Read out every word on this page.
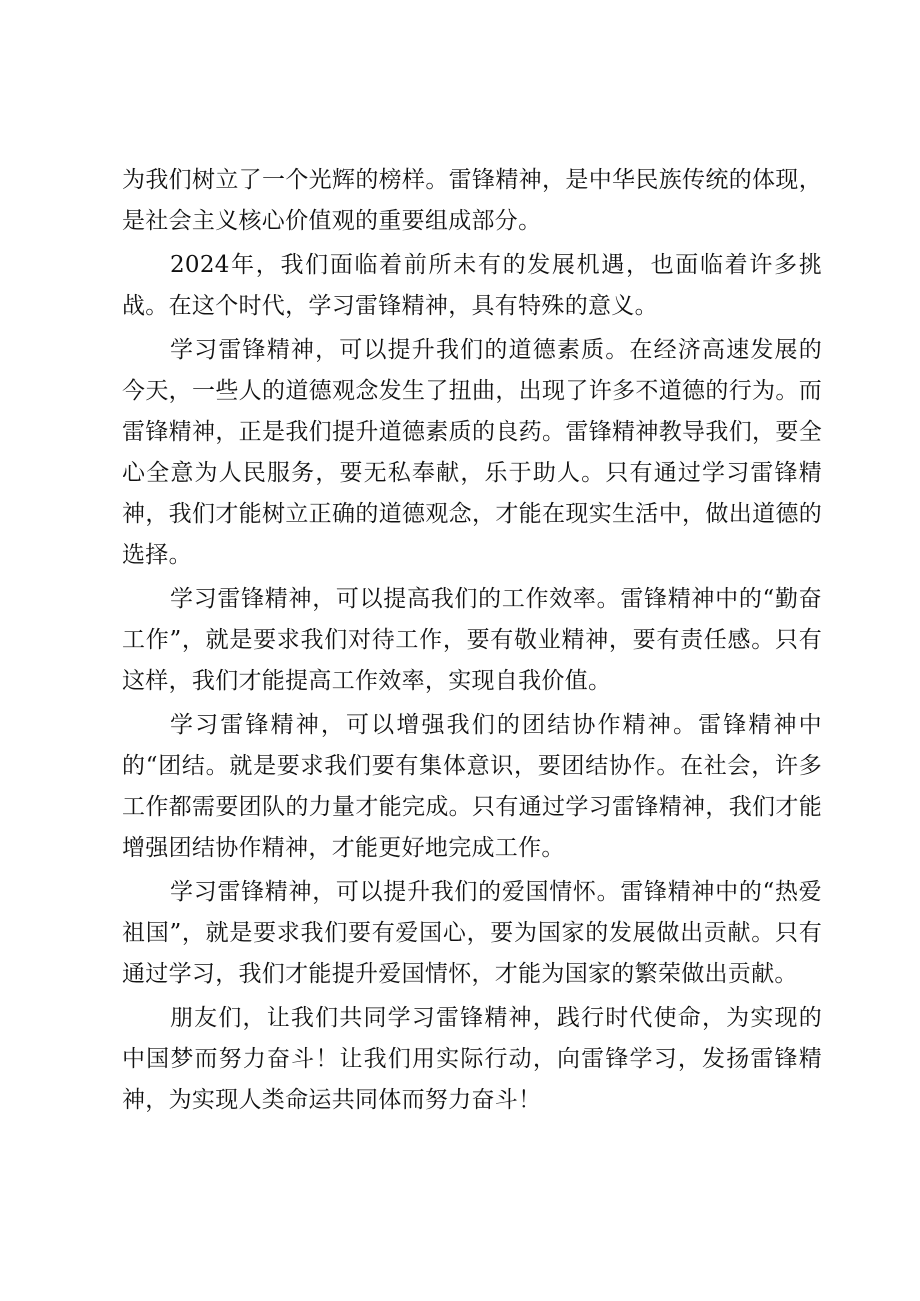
为我们树立了一个光辉的榜样。雷锋精神，是中华民族传统的体现，是社会主义核心价值观的重要组成部分。

2024年，我们面临着前所未有的发展机遇，也面临着许多挑战。在这个时代，学习雷锋精神，具有特殊的意义。

学习雷锋精神，可以提升我们的道德素质。在经济高速发展的今天，一些人的道德观念发生了扭曲，出现了许多不道德的行为。而雷锋精神，正是我们提升道德素质的良药。雷锋精神教导我们，要全心全意为人民服务，要无私奉献，乐于助人。只有通过学习雷锋精神，我们才能树立正确的道德观念，才能在现实生活中，做出道德的选择。

学习雷锋精神，可以提高我们的工作效率。雷锋精神中的“勤奋工作”，就是要求我们对待工作，要有敬业精神，要有责任感。只有这样，我们才能提高工作效率，实现自我价值。

学习雷锋精神，可以增强我们的团结协作精神。雷锋精神中的“团结。就是要求我们要有集体意识，要团结协作。在社会，许多工作都需要团队的力量才能完成。只有通过学习雷锋精神，我们才能增强团结协作精神，才能更好地完成工作。

学习雷锋精神，可以提升我们的爱国情怀。雷锋精神中的“热爱祖国”，就是要求我们要有爱国心，要为国家的发展做出贡献。只有通过学习，我们才能提升爱国情怀，才能为国家的繁荣做出贡献。

朋友们，让我们共同学习雷锋精神，践行时代使命，为实现的中国梦而努力奋斗！让我们用实际行动，向雷锋学习，发扬雷锋精神，为实现人类命运共同体而努力奋斗！
